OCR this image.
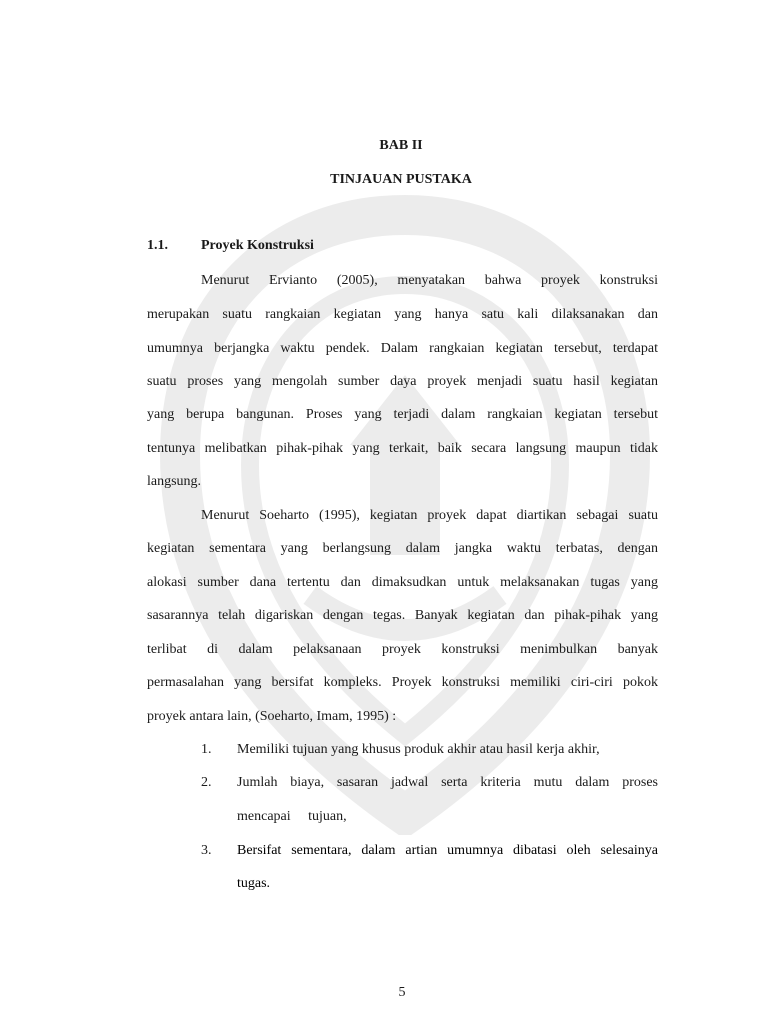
BAB II
TINJAUAN PUSTAKA
1.1. Proyek Konstruksi
Menurut Ervianto (2005), menyatakan bahwa proyek konstruksi
merupakan suatu rangkaian kegiatan yang hanya satu kali dilaksanakan dan
umumnya berjangka waktu pendek. Dalam rangkaian kegiatan tersebut, terdapat
suatu proses yang mengolah sumber daya proyek menjadi suatu hasil kegiatan
yang berupa bangunan. Proses yang terjadi dalam rangkaian kegiatan tersebut
tentunya melibatkan pihak-pihak yang terkait, baik secara langsung maupun tidak
langsung.
Menurut Soeharto (1995), kegiatan proyek dapat diartikan sebagai suatu
kegiatan sementara yang berlangsung dalam jangka waktu terbatas, dengan
alokasi sumber dana tertentu dan dimaksudkan untuk melaksanakan tugas yang
sasarannya telah digariskan dengan tegas. Banyak kegiatan dan pihak-pihak yang
terlibat di dalam pelaksanaan proyek konstruksi menimbulkan banyak
permasalahan yang bersifat kompleks. Proyek konstruksi memiliki ciri-ciri pokok
proyek antara lain, (Soeharto, Imam, 1995) :
1. Memiliki tujuan yang khusus produk akhir atau hasil kerja akhir,
2. Jumlah biaya, sasaran jadwal serta kriteria mutu dalam proses
mencapai tujuan,
3. Bersifat sementara, dalam artian umumnya dibatasi oleh selesainya
tugas.
5
